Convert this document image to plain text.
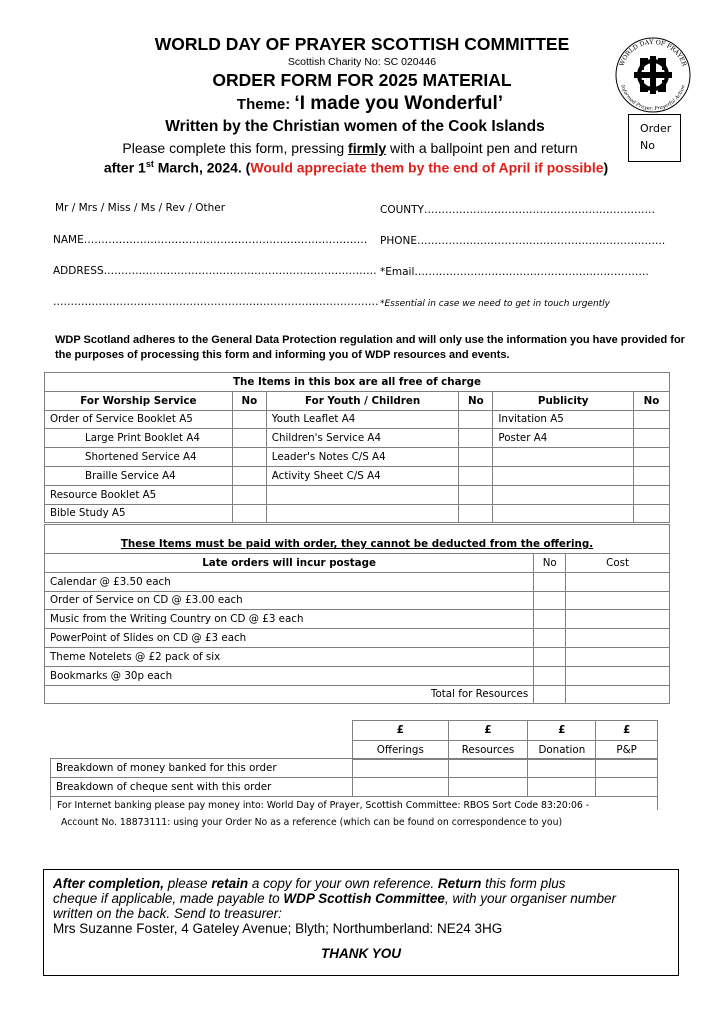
WORLD DAY OF PRAYER SCOTTISH COMMITTEE
Scottish Charity No: SC 020446
ORDER FORM FOR 2025 MATERIAL
Theme: ‘I made you Wonderful’
Written by the Christian women of the Cook Islands
Please complete this form, pressing firmly with a ballpoint pen and return
after 1st March, 2024. (Would appreciate them by the end of April if possible)
WORLD DAY OF PRAYER
Informed Prayer, Prayerful Action
Order
No
Mr / Mrs / Miss / Ms / Rev / Other
NAME………………………………………………………………………
ADDRESS……………………………………………………………………
…………………………………………………………………………………
COUNTY…………………………………………………………
PHONE……………………………………………………………..
*Email………………………………………………………….
*Essential in case we need to get in touch urgently
WDP Scotland adheres to the General Data Protection regulation and will only use the information you have provided for the purposes of processing this form and informing you of WDP resources and events.
The Items in this box are all free of charge					
For Worship Service	No	For Youth / Children	No	Publicity	No
Order of Service Booklet A5		Youth Leaflet A4		Invitation A5	
Large Print Booklet A4		Children's Service A4		Poster A4	
Shortened Service A4		Leader's Notes C/S A4			
Braille Service A4		Activity Sheet C/S A4			
Resource Booklet A5					
Bible Study A5					
These Items must be paid with order, they cannot be deducted from the offering.		
Late orders will incur postage	No	Cost
Calendar @ £3.50 each		
Order of Service on CD @ £3.00 each		
Music from the Writing Country on CD @ £3 each		
PowerPoint of Slides on CD @ £3 each		
Theme Notelets @ £2 pack of six		
Bookmarks @ 30p each		
Total for Resources		
£	£	£	£
Offerings	Resources	Donation	P&P
Breakdown of money banked for this order				
Breakdown of cheque sent with this order				
For Internet banking please pay money into: World Day of Prayer, Scottish Committee: RBOS Sort Code 83:20:06 -
Account No. 18873111: using your Order No as a reference (which can be found on correspondence to you)

After completion, please retain a copy for your own reference. Return this form plus

cheque if applicable, made payable to WDP Scottish Committee, with your organiser number

written on the back. Send to treasurer:

Mrs Suzanne Foster, 4 Gateley Avenue; Blyth; Northumberland: NE24 3HG

THANK YOU
